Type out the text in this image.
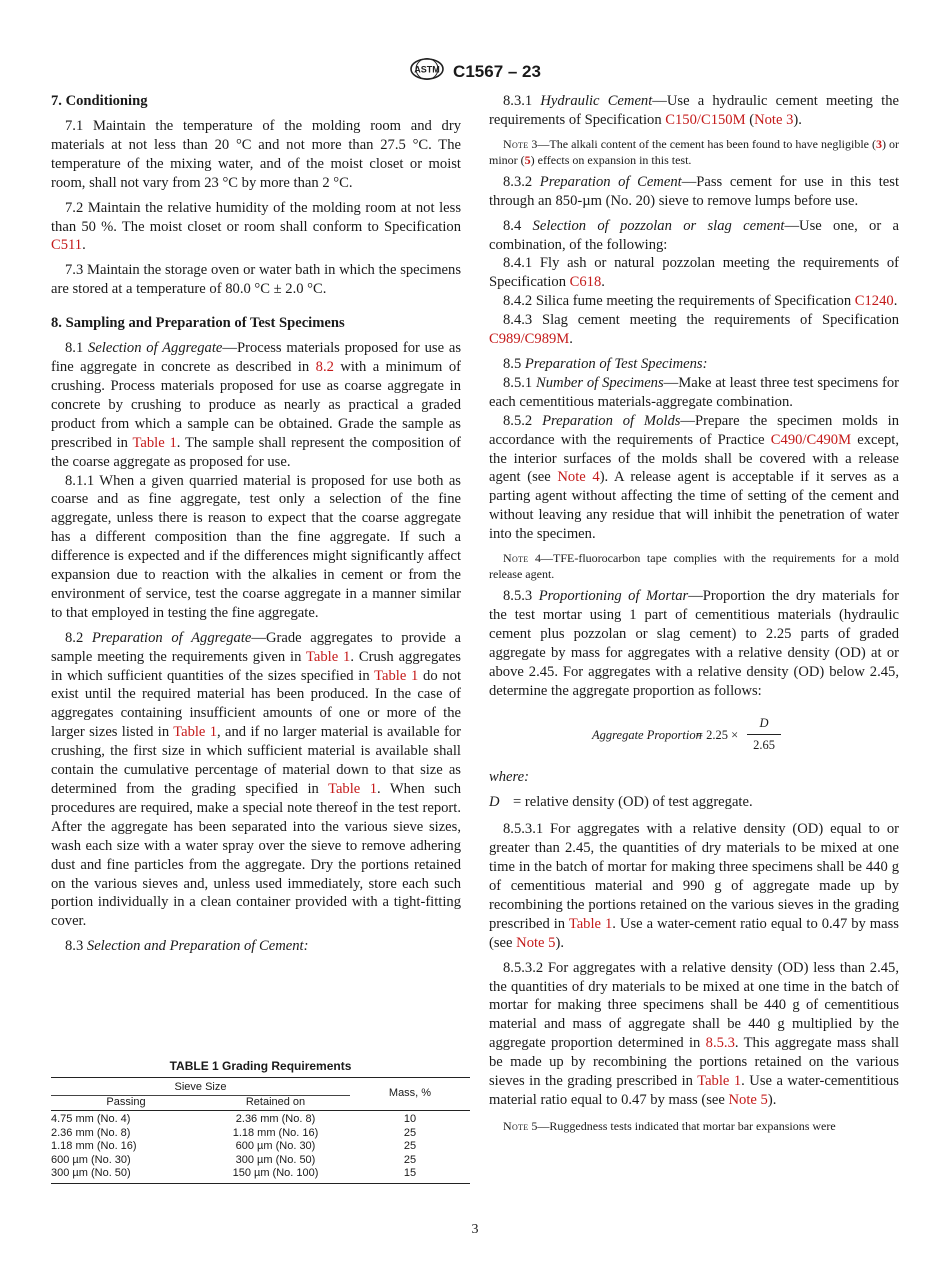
ASTM C1567 – 23
7. Conditioning

7.1 Maintain the temperature of the molding room and dry materials at not less than 20 °C and not more than 27.5 °C. The temperature of the mixing water, and of the moist closet or moist room, shall not vary from 23 °C by more than 2 °C.

7.2 Maintain the relative humidity of the molding room at not less than 50 %. The moist closet or room shall conform to Specification C511.

7.3 Maintain the storage oven or water bath in which the specimens are stored at a temperature of 80.0 °C ± 2.0 °C.

8. Sampling and Preparation of Test Specimens

8.1 Selection of Aggregate—Process materials proposed for use as fine aggregate in concrete as described in 8.2 with a minimum of crushing. Process materials proposed for use as coarse aggregate in concrete by crushing to produce as nearly as practical a graded product from which a sample can be obtained. Grade the sample as prescribed in Table 1. The sample shall represent the composition of the coarse aggregate as proposed for use.

8.1.1 When a given quarried material is proposed for use both as coarse and as fine aggregate, test only a selection of the fine aggregate, unless there is reason to expect that the coarse aggregate has a different composition than the fine aggregate. If such a difference is expected and if the differences might significantly affect expansion due to reaction with the alkalies in cement or from the environment of service, test the coarse aggregate in a manner similar to that employed in testing the fine aggregate.

8.2 Preparation of Aggregate—Grade aggregates to provide a sample meeting the requirements given in Table 1. Crush aggregates in which sufficient quantities of the sizes specified in Table 1 do not exist until the required material has been produced. In the case of aggregates containing insufficient amounts of one or more of the larger sizes listed in Table 1, and if no larger material is available for crushing, the first size in which sufficient material is available shall contain the cumulative percentage of material down to that size as determined from the grading specified in Table 1. When such procedures are required, make a special note thereof in the test report. After the aggregate has been separated into the various sieve sizes, wash each size with a water spray over the sieve to remove adhering dust and fine particles from the aggregate. Dry the portions retained on the various sieves and, unless used immediately, store each such portion individually in a clean container provided with a tight-fitting cover.

8.3 Selection and Preparation of Cement:

TABLE 1 Grading Requirements
Sieve Size		Mass, %
Passing	Retained on	
4.75 mm (No. 4)	2.36 mm (No. 8)	10
2.36 mm (No. 8)	1.18 mm (No. 16)	25
1.18 mm (No. 16)	600 µm (No. 30)	25
600 µm (No. 30)	300 µm (No. 50)	25
300 µm (No. 50)	150 µm (No. 100)	15

8.3.1 Hydraulic Cement—Use a hydraulic cement meeting the requirements of Specification C150/C150M (Note 3).

Note 3—The alkali content of the cement has been found to have negligible (3) or minor (5) effects on expansion in this test.

8.3.2 Preparation of Cement—Pass cement for use in this test through an 850-µm (No. 20) sieve to remove lumps before use.

8.4 Selection of pozzolan or slag cement—Use one, or a combination, of the following:

8.4.1 Fly ash or natural pozzolan meeting the requirements of Specification C618.

8.4.2 Silica fume meeting the requirements of Specification C1240.

8.4.3 Slag cement meeting the requirements of Specification C989/C989M.

8.5 Preparation of Test Specimens:

8.5.1 Number of Specimens—Make at least three test specimens for each cementitious materials-aggregate combination.

8.5.2 Preparation of Molds—Prepare the specimen molds in accordance with the requirements of Practice C490/C490M except, the interior surfaces of the molds shall be covered with a release agent (see Note 4). A release agent is acceptable if it serves as a parting agent without affecting the time of setting of the cement and without leaving any residue that will inhibit the penetration of water into the specimen.

Note 4—TFE-fluorocarbon tape complies with the requirements for a mold release agent.

8.5.3 Proportioning of Mortar—Proportion the dry materials for the test mortar using 1 part of cementitious materials (hydraulic cement plus pozzolan or slag cement) to 2.25 parts of graded aggregate by mass for aggregates with a relative density (OD) at or above 2.45. For aggregates with a relative density (OD) below 2.45, determine the aggregate proportion as follows:

Aggregate Proportion
= $2.25 \times \frac{D}{2.65}$

where:

D = relative density (OD) of test aggregate.

8.5.3.1 For aggregates with a relative density (OD) equal to or greater than 2.45, the quantities of dry materials to be mixed at one time in the batch of mortar for making three specimens shall be 440 g of cementitious material and 990 g of aggregate made up by recombining the portions retained on the various sieves in the grading prescribed in Table 1. Use a water-cement ratio equal to 0.47 by mass (see Note 5).

8.5.3.2 For aggregates with a relative density (OD) less than 2.45, the quantities of dry materials to be mixed at one time in the batch of mortar for making three specimens shall be 440 g of cementitious material and mass of aggregate shall be 440 g multiplied by the aggregate proportion determined in 8.5.3. This aggregate mass shall be made up by recombining the portions retained on the various sieves in the grading prescribed in Table 1. Use a water-cementitious material ratio equal to 0.47 by mass (see Note 5).

Note 5—Ruggedness tests indicated that mortar bar expansions were

3
